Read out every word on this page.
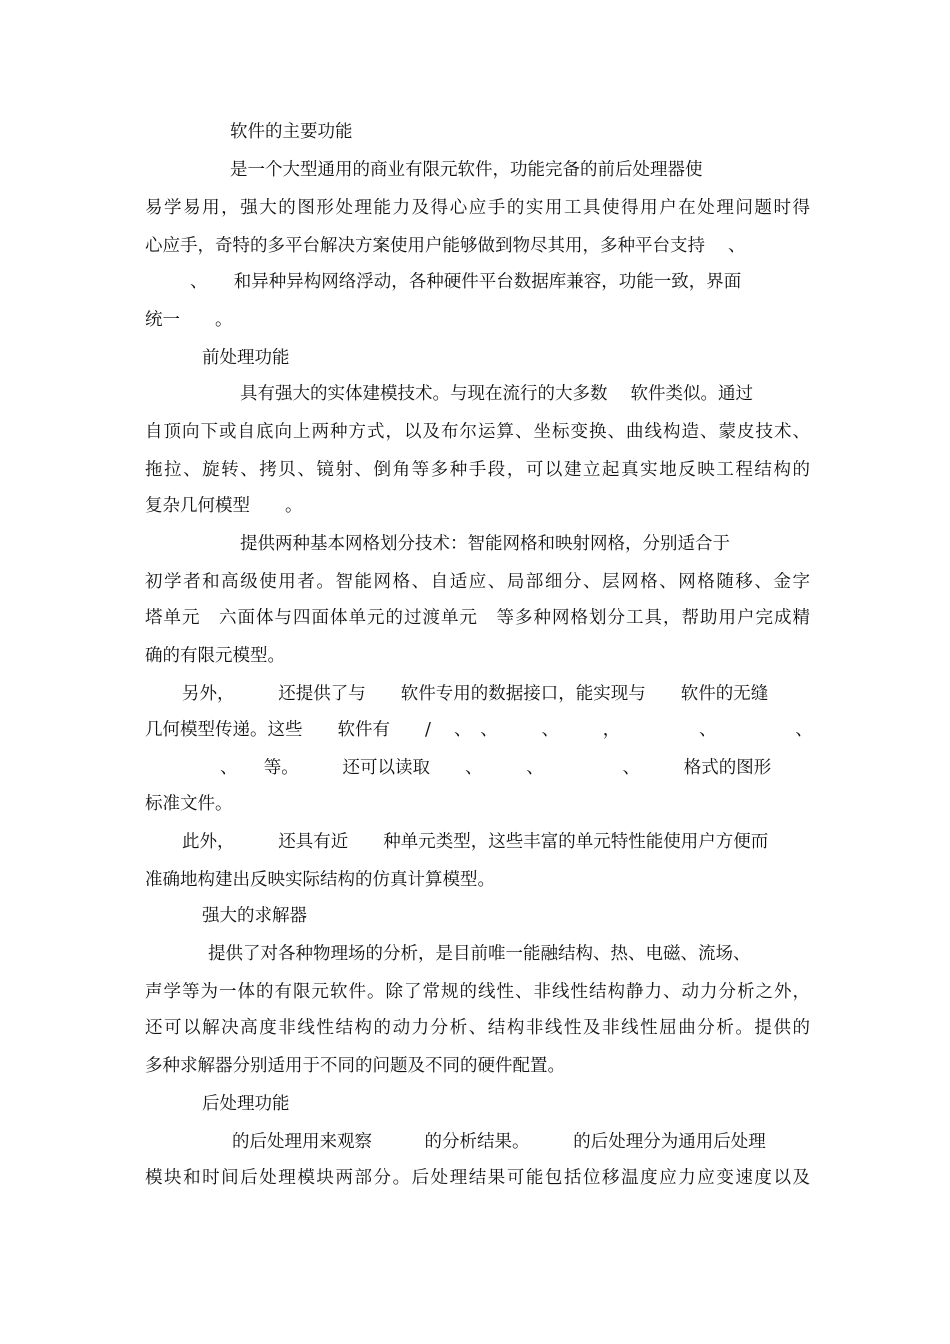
软件的主要功能
是一个大型通用的商业有限元软件，功能完备的前后处理器使
易学易用，强大的图形处理能力及得心应手的实用工具使得用户在处理问题时得
心应手，奇特的多平台解决方案使用户能够做到物尽其用，多种平台支持　 、
、　　和异种异构网络浮动，各种硬件平台数据库兼容，功能一致，界面
统一　　。
前处理功能
具有强大的实体建模技术。与现在流行的大多数　 软件类似。通过
自顶向下或自底向上两种方式，以及布尔运算、坐标变换、曲线构造、蒙皮技术、
拖拉、旋转、拷贝、镜射、倒角等多种手段，可以建立起真实地反映工程结构的
复杂几何模型　　。
提供两种基本网格划分技术：智能网格和映射网格，分别适合于
初学者和高级使用者。智能网格、自适应、局部细分、层网格、网格随移、金字
塔单元　六面体与四面体单元的过渡单元　等多种网格划分工具，帮助用户完成精
确的有限元模型。
另外，　　　还提供了与　　软件专用的数据接口，能实现与　　软件的无缝
几何模型传递。这些　　软件有　　/　 、　、　　　、　　　，　　　　　、　　　　　、
、　　等。　　　还可以读取　　、　　　、　　　　　、　　　格式的图形
标准文件。
此外，　　　还具有近　　种单元类型，这些丰富的单元特性能使用户方便而
准确地构建出反映实际结构的仿真计算模型。
强大的求解器
提供了对各种物理场的分析，是目前唯一能融结构、热、电磁、流场、
声学等为一体的有限元软件。除了常规的线性、非线性结构静力、动力分析之外，
还可以解决高度非线性结构的动力分析、结构非线性及非线性屈曲分析。提供的
多种求解器分别适用于不同的问题及不同的硬件配置。
后处理功能
的后处理用来观察　　　的分析结果。　　　的后处理分为通用后处理
模块和时间后处理模块两部分。后处理结果可能包括位移温度应力应变速度以及
